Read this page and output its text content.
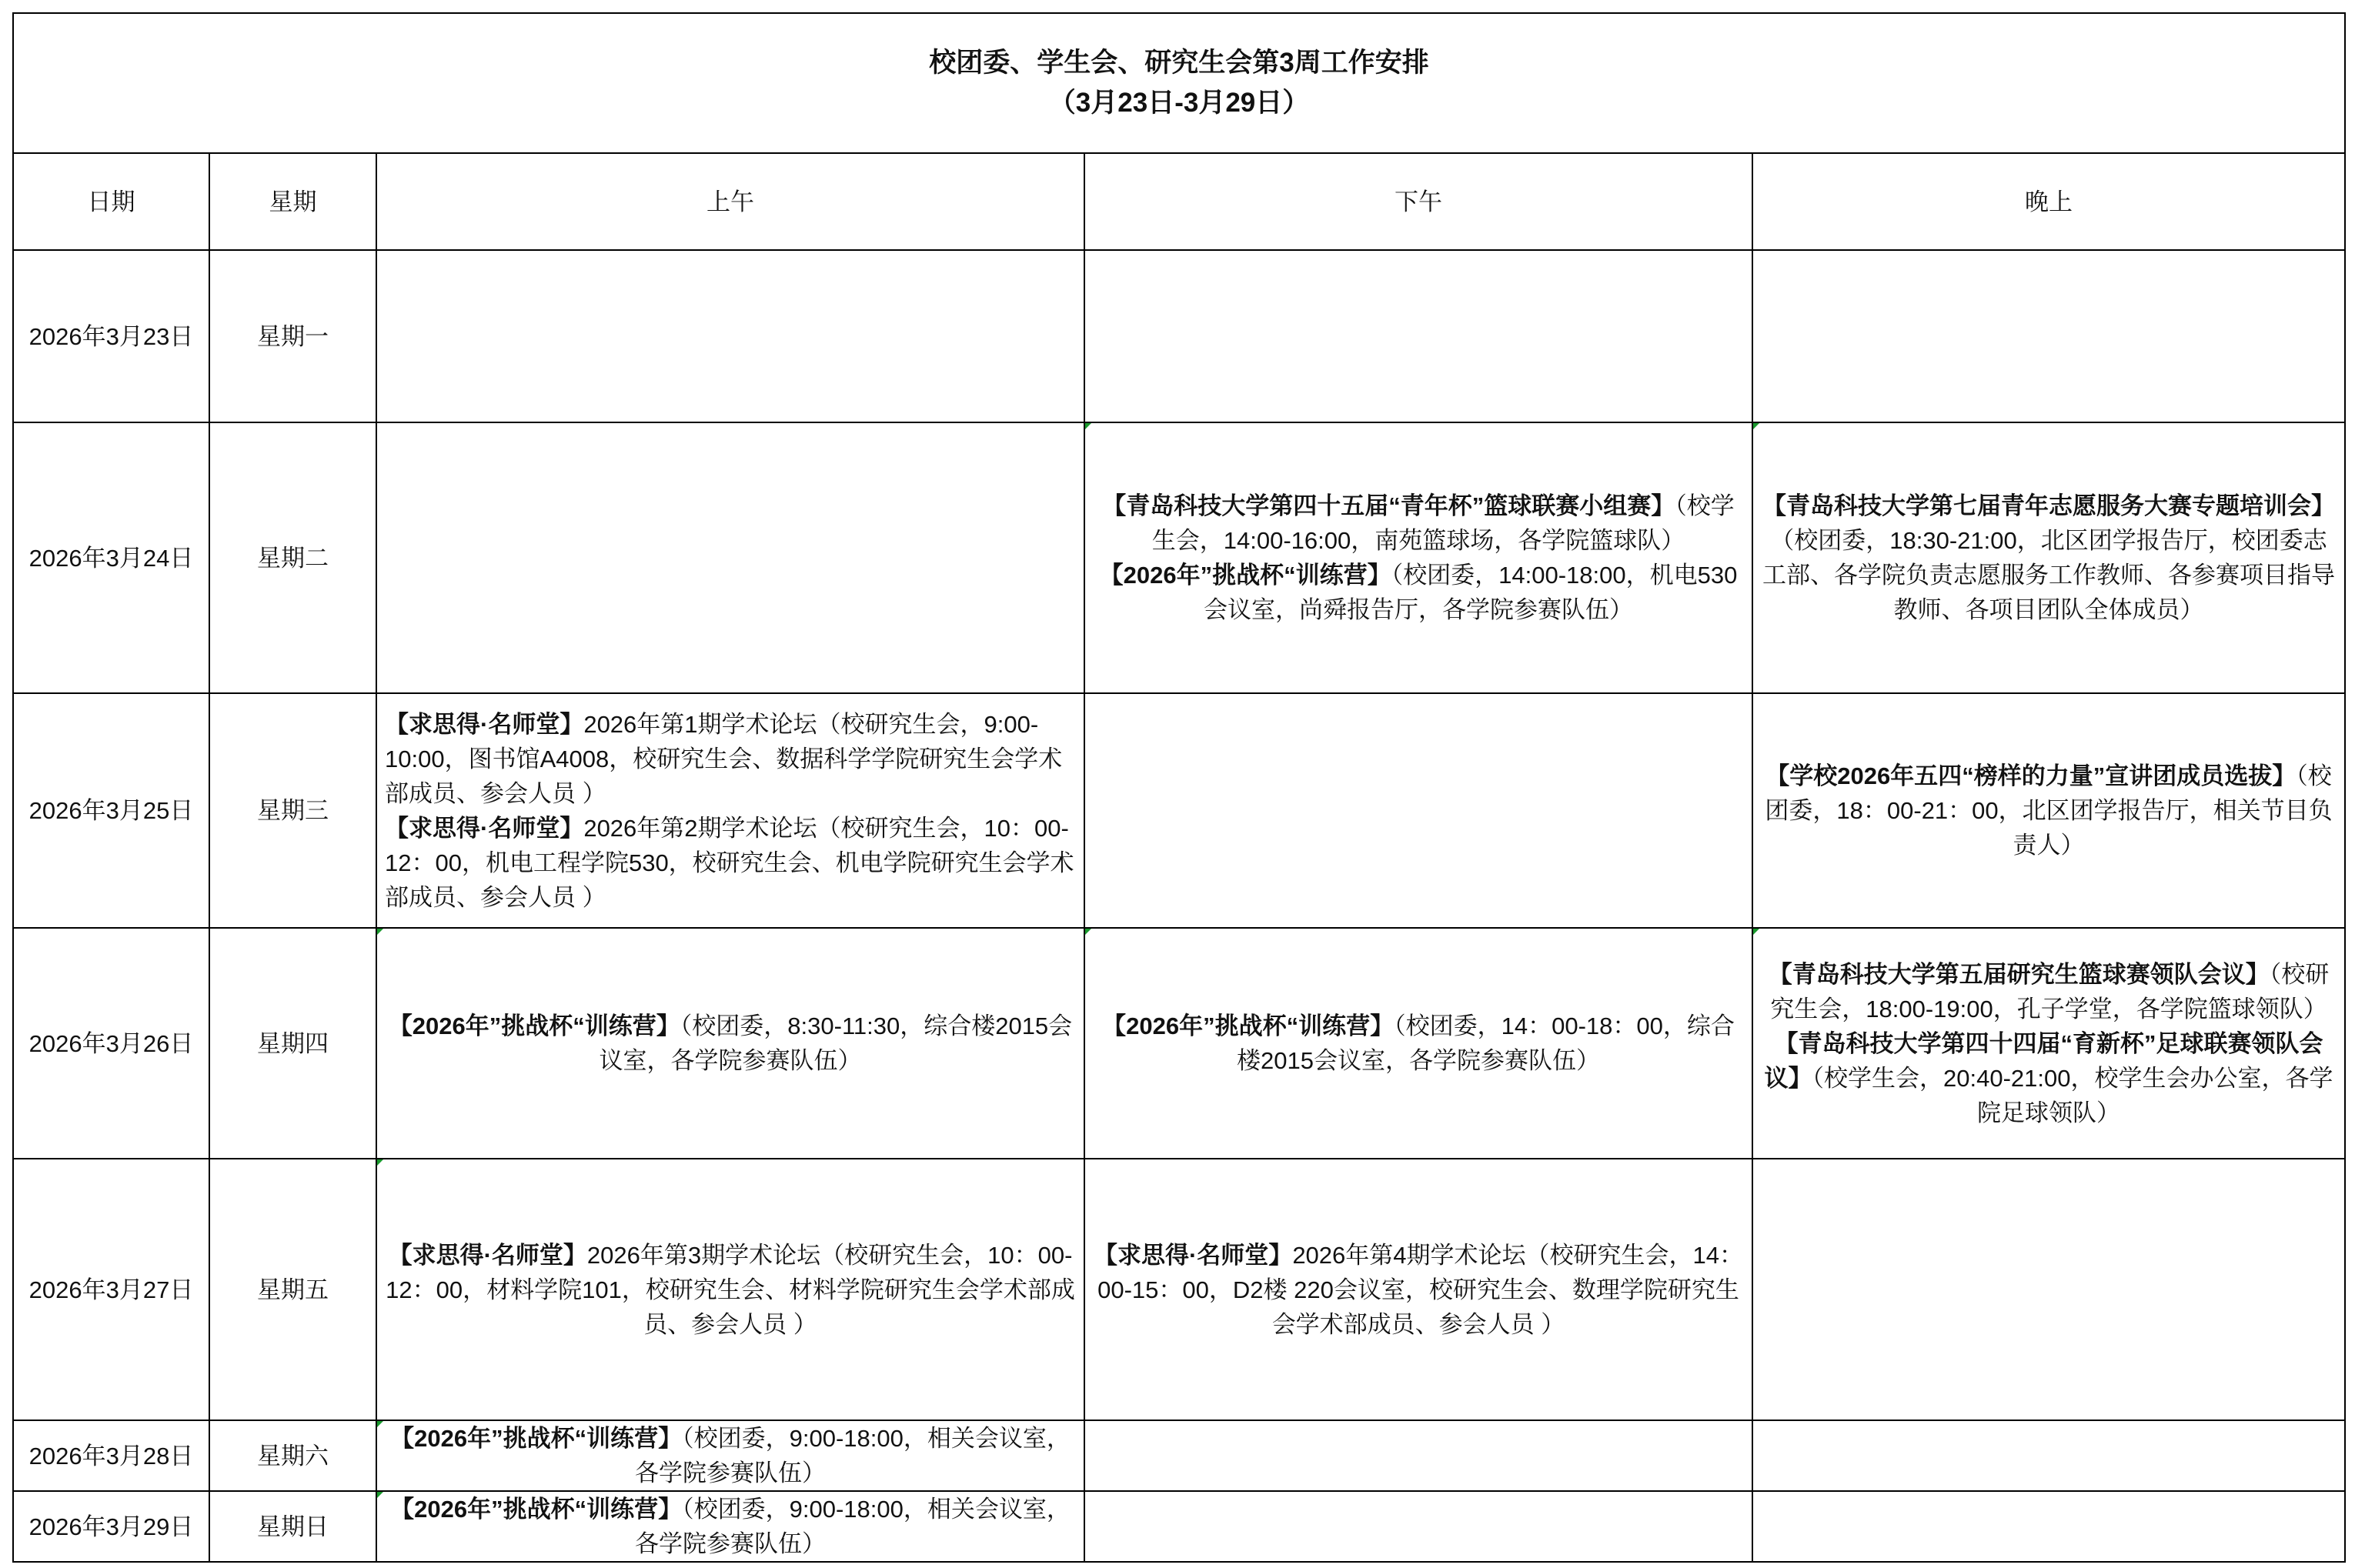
校团委、学生会、研究生会第3周工作安排
（3月23日-3月29日）				

日期	星期	上午	下午	晚上
2026年3月23日	星期一			
2026年3月24日	星期二		【青岛科技大学第四十五届“青年杯”篮球联赛小组赛】（校学生会，14:00-16:00，南苑篮球场，各学院篮球队）
【2026年”挑战杯“训练营】（校团委，14:00-18:00，机电530会议室，尚舜报告厅，各学院参赛队伍）	【青岛科技大学第七届青年志愿服务大赛专题培训会】（校团委，18:30-21:00，北区团学报告厅，校团委志工部、各学院负责志愿服务工作教师、各参赛项目指导教师、各项目团队全体成员）

2026年3月25日	星期三	【求思得·名师堂】2026年第1期学术论坛（校研究生会，9:00-10:00，图书馆A4008，校研究生会、数据科学学院研究生会学术部成员、参会人员 ）
【求思得·名师堂】2026年第2期学术论坛（校研究生会，10：00-12：00，机电工程学院530，校研究生会、机电学院研究生会学术部成员、参会人员 ）		【学校2026年五四“榜样的力量”宣讲团成员选拔】（校团委，18：00-21：00，北区团学报告厅，相关节目负责人）

2026年3月26日	星期四	【2026年”挑战杯“训练营】（校团委，8:30-11:30，综合楼2015会议室，各学院参赛队伍）	【2026年”挑战杯“训练营】（校团委，14：00-18：00，综合楼2015会议室，各学院参赛队伍）	【青岛科技大学第五届研究生篮球赛领队会议】（校研究生会，18:00-19:00，孔子学堂，各学院篮球领队）
【青岛科技大学第四十四届“育新杯”足球联赛领队会议】（校学生会，20:40-21:00，校学生会办公室，各学院足球领队）

2026年3月27日	星期五	【求思得·名师堂】2026年第3期学术论坛（校研究生会，10：00-12：00，材料学院101，校研究生会、材料学院研究生会学术部成员、参会人员 ）	【求思得·名师堂】2026年第4期学术论坛（校研究生会，14：00-15：00，D2楼 220会议室，校研究生会、数理学院研究生会学术部成员、参会人员 ）	

2026年3月28日	星期六	【2026年”挑战杯“训练营】（校团委，9:00-18:00，相关会议室，各学院参赛队伍）		

2026年3月29日	星期日	【2026年”挑战杯“训练营】（校团委，9:00-18:00，相关会议室，各学院参赛队伍）		
